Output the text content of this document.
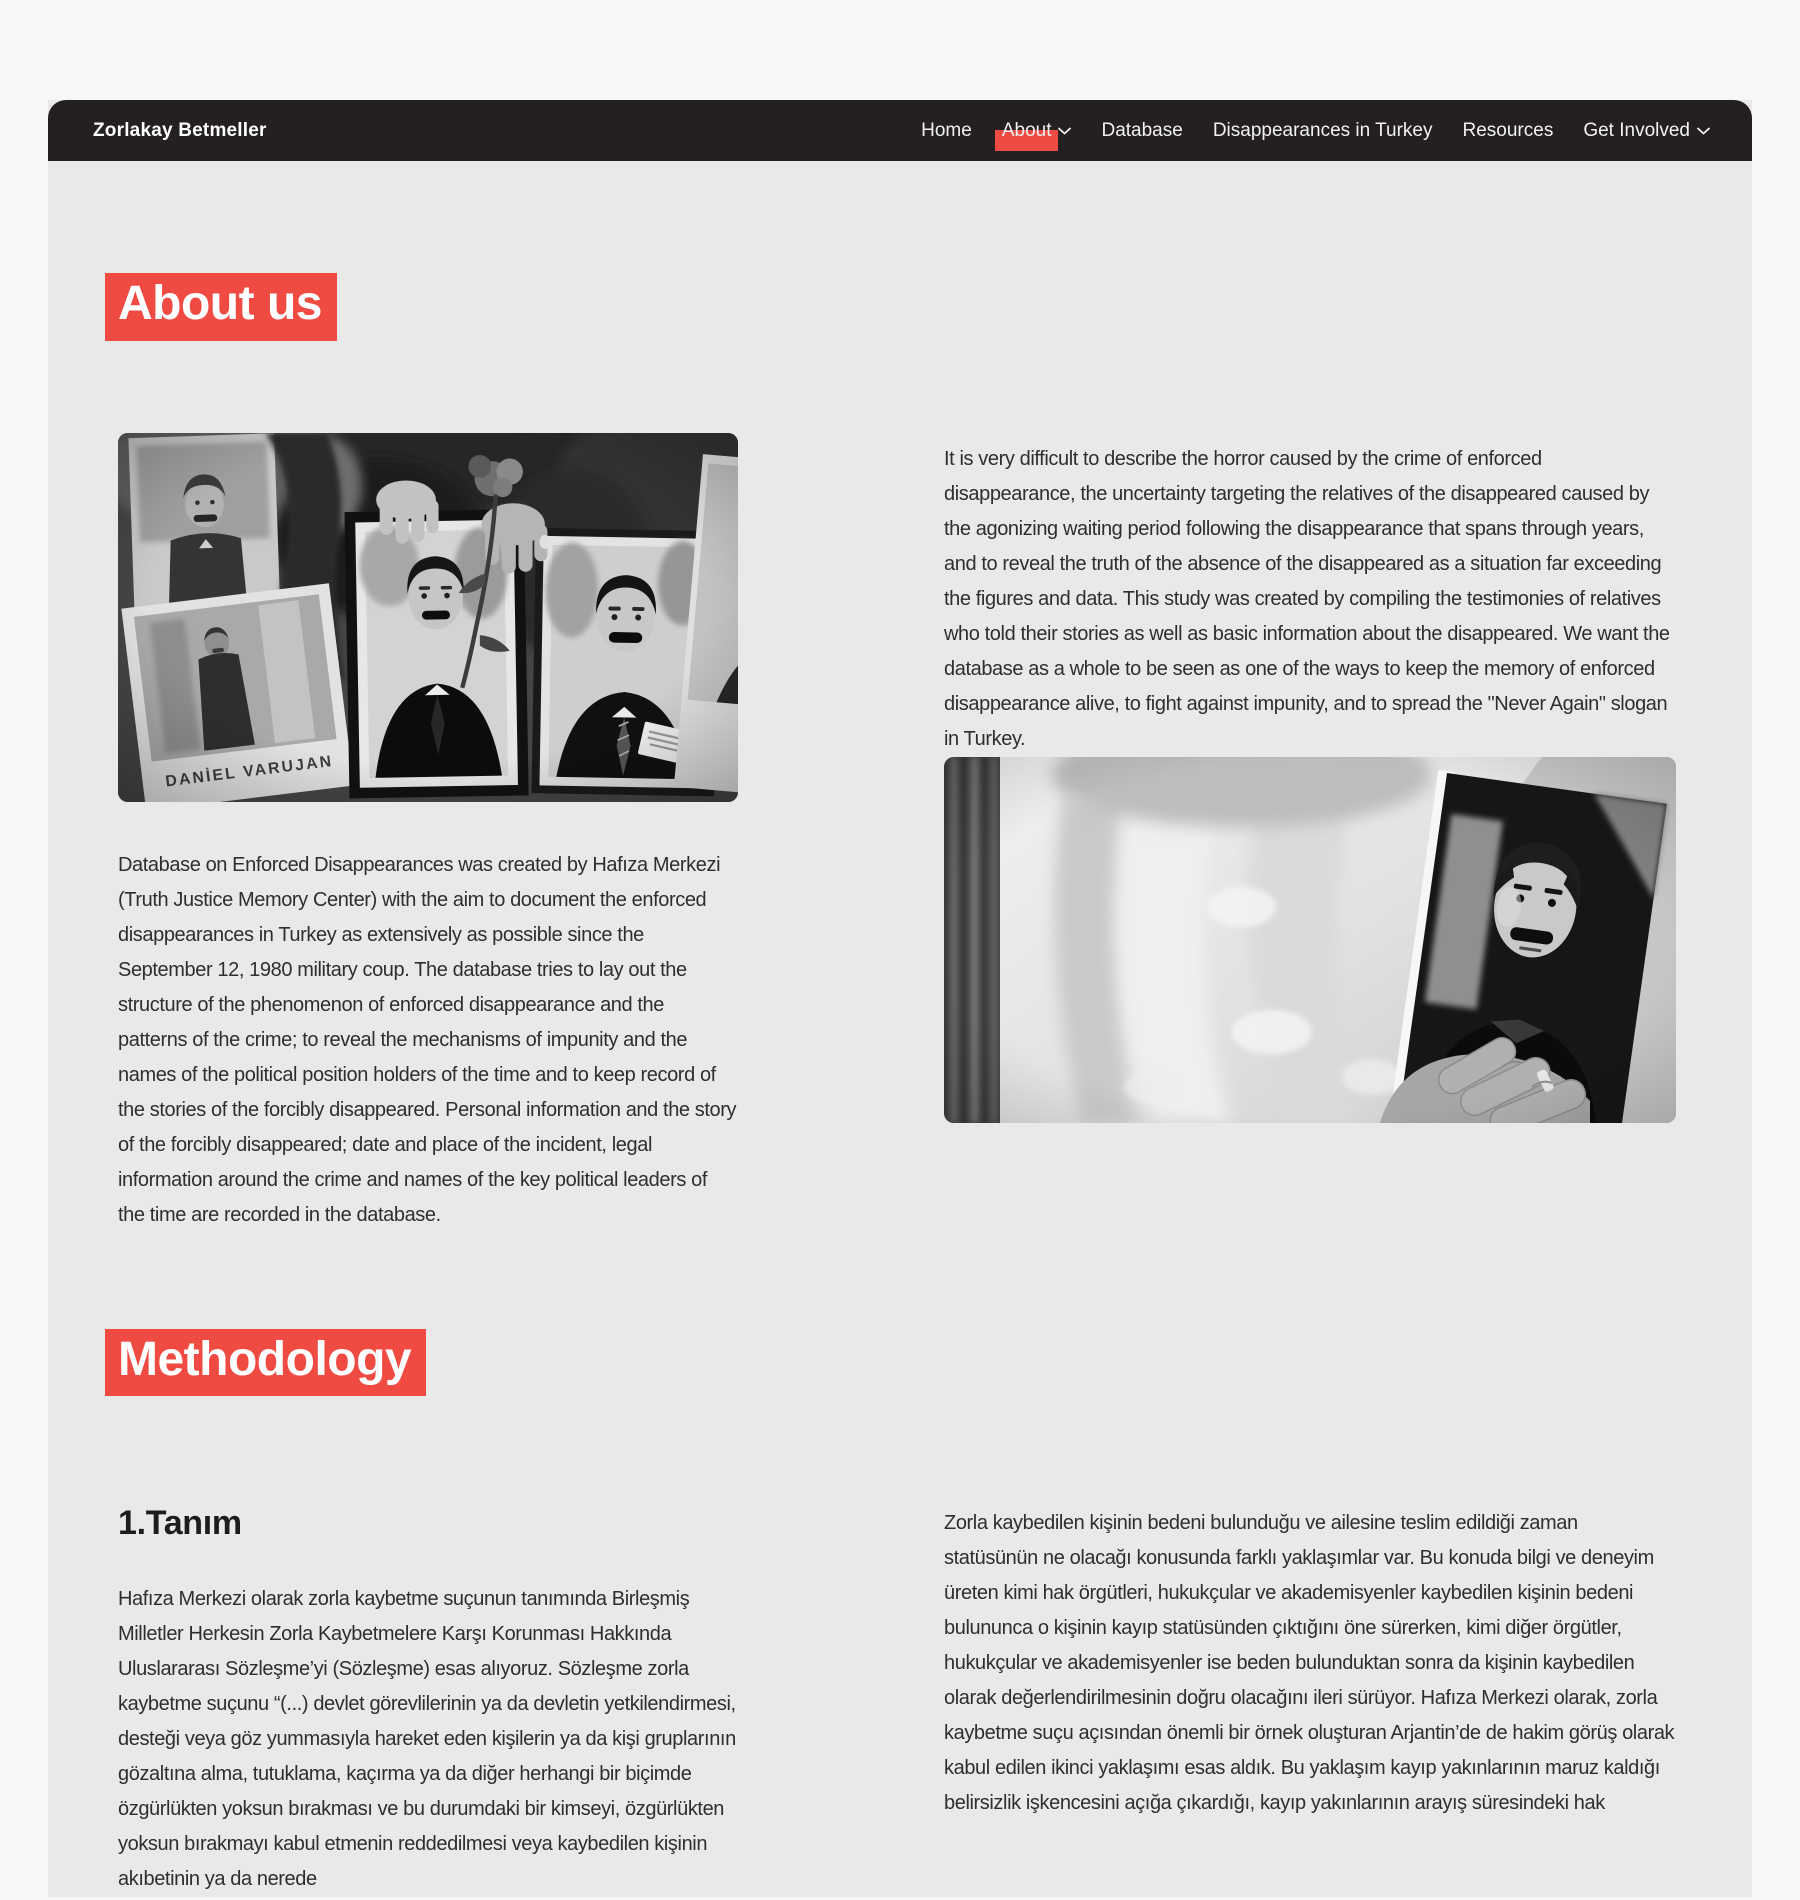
Zorlakay Betmeller	Home About	Database Disappearances in Turkey Resources Get Involved
About us

Database on Enforced Disappearances was created by Hafıza Merkezi (Truth Justice Memory Center) with the aim to document the enforced disappearances in Turkey as extensively as possible since the September 12, 1980 military coup. The database tries to lay out the structure of the phenomenon of enforced disappearance and the patterns of the crime; to reveal the mechanisms of impunity and the names of the political position holders of the time and to keep record of the stories of the forcibly disappeared. Personal information and the story of the forcibly disappeared; date and place of the incident, legal information around the crime and names of the key political leaders of the time are recorded in the database.

It is very difficult to describe the horror caused by the crime of enforced disappearance, the uncertainty targeting the relatives of the disappeared caused by the agonizing waiting period following the disappearance that spans through years, and to reveal the truth of the absence of the disappeared as a situation far exceeding the figures and data. This study was created by compiling the testimonies of relatives who told their stories as well as basic information about the disappeared. We want the database as a whole to be seen as one of the ways to keep the memory of enforced disappearance alive, to fight against impunity, and to spread the "Never Again" slogan in Turkey.

Methodology
1.Tanım

Hafıza Merkezi olarak zorla kaybetme suçunun tanımında Birleşmiş Milletler Herkesin Zorla Kaybetmelere Karşı Korunması Hakkında Uluslararası Sözleşme’yi (Sözleşme) esas alıyoruz. Sözleşme zorla kaybetme suçunu “(...) devlet görevlilerinin ya da devletin yetkilendirmesi, desteği veya göz yummasıyla hareket eden kişilerin ya da kişi gruplarının gözaltına alma, tutuklama, kaçırma ya da diğer herhangi bir biçimde özgürlükten yoksun bırakması ve bu durumdaki bir kimseyi, özgürlükten yoksun bırakmayı kabul etmenin reddedilmesi veya kaybedilen kişinin akıbetinin ya da nerede

Zorla kaybedilen kişinin bedeni bulunduğu ve ailesine teslim edildiği zaman statüsünün ne olacağı konusunda farklı yaklaşımlar var. Bu konuda bilgi ve deneyim üreten kimi hak örgütleri, hukukçular ve akademisyenler kaybedilen kişinin bedeni bulununca o kişinin kayıp statüsünden çıktığını öne sürerken, kimi diğer örgütler, hukukçular ve akademisyenler ise beden bulunduktan sonra da kişinin kaybedilen olarak değerlendirilmesinin doğru olacağını ileri sürüyor. Hafıza Merkezi olarak, zorla kaybetme suçu açısından önemli bir örnek oluşturan Arjantin’de de hakim görüş olarak kabul edilen ikinci yaklaşımı esas aldık. Bu yaklaşım kayıp yakınlarının maruz kaldığı belirsizlik işkencesini açığa çıkardığı, kayıp yakınlarının arayış süresindeki hak
